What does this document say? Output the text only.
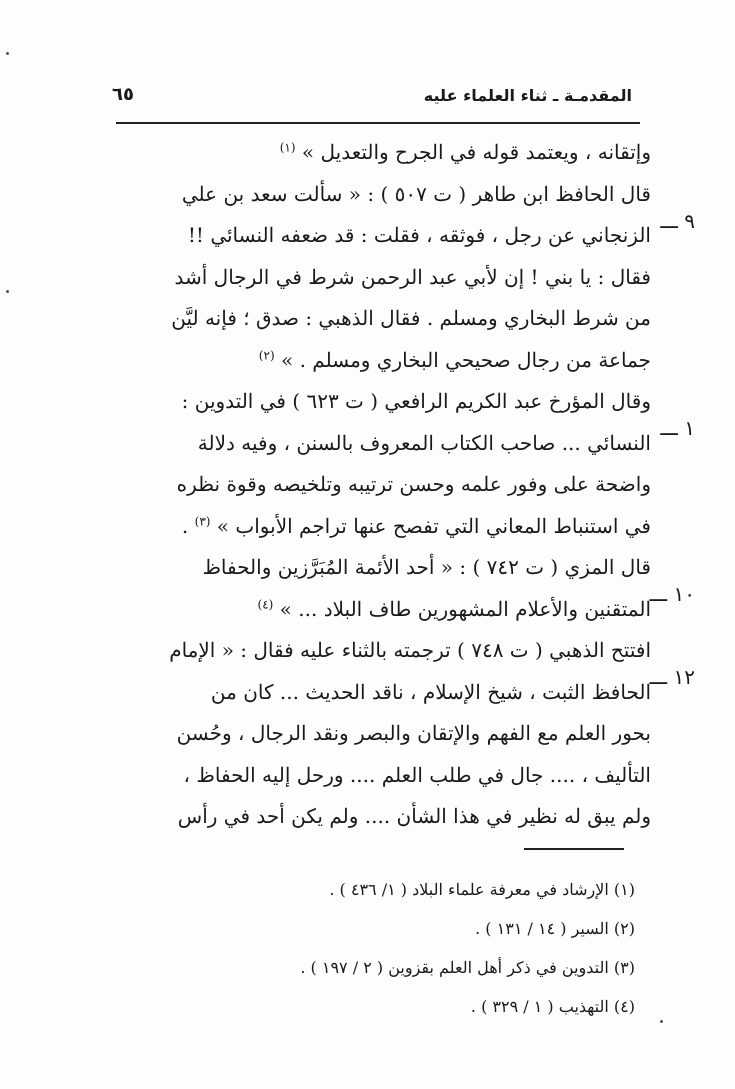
المقدمـة ـ ثناء العلماء عليه
٦٥
وإتقانه ، ويعتمد قوله في الجرح والتعديل » $^{(١)}$
٩ ـــ
قال الحافظ ابن طاهر ( ت ٥٠٧ ) : « سألت سعد بن علي
الزنجاني عن رجل ، فوثقه ، فقلت : قد ضعفه النسائي !!
فقال : يا بني ! إن لأبي عبد الرحمن شرط في الرجال أشد
من شرط البخاري ومسلم . فقال الذهبي : صدق ؛ فإنه ليَّن
جماعة من رجال صحيحي البخاري ومسلم . » $^{(٢)}$
١ ـــ
وقال المؤرخ عبد الكريم الرافعي ( ت ٦٢٣ ) في التدوين :
النسائي ... صاحب الكتاب المعروف بالسنن ، وفيه دلالة
واضحة على وفور علمه وحسن ترتيبه وتلخيصه وقوة نظره
في استنباط المعاني التي تفصح عنها تراجم الأبواب » $^{(٣)}$ .
١٠ ـــ
قال المزي ( ت ٧٤٢ ) : « أحد الأئمة المُبَرَّزين والحفاظ
المتقنين والأعلام المشهورين طاف البلاد ... » $^{(٤)}$
١٢ ـــ
افتتح الذهبي ( ت ٧٤٨ ) ترجمته بالثناء عليه فقال : « الإمام
الحافظ الثبت ، شيخ الإسلام ، ناقد الحديث ... كان من
بحور العلم مع الفهم والإتقان والبصر ونقد الرجال ، وحُسن
التأليف ، .... جال في طلب العلم .... ورحل إليه الحفاظ ،
ولم يبق له نظير في هذا الشأن .... ولم يكن أحد في رأس
(١) الإرشاد في معرفة علماء البلاد ( ١/ ٤٣٦ ) .
(٢) السير ( ١٤ / ١٣١ ) .
(٣) التدوين في ذكر أهل العلم بقزوين ( ٢ / ١٩٧ ) .
(٤) التهذيب ( ١ / ٣٢٩ ) .
